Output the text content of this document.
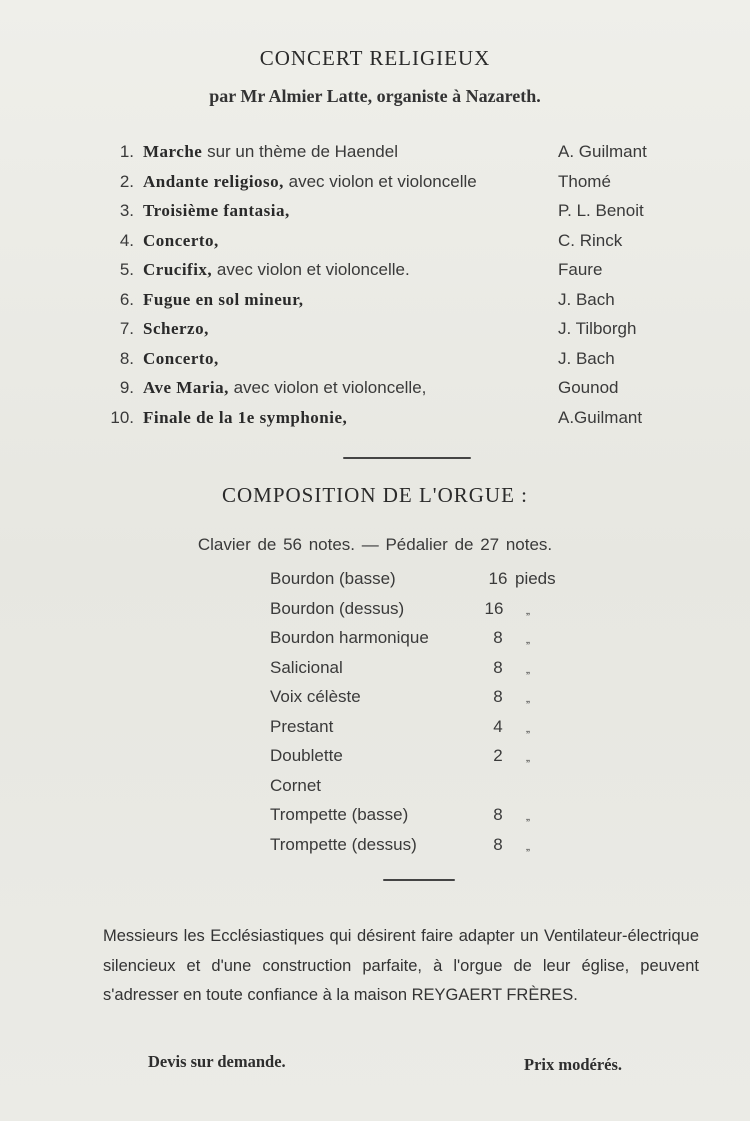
CONCERT RELIGIEUX
par Mr Almier Latte, organiste à Nazareth.
1. Marche sur un thème de Haendel	A. Guilmant
2. Andante religioso, avec violon et violoncelle	Thomé
3. Troisième fantasia,	P. L. Benoit
4. Concerto,	C. Rinck
5. Crucifix, avec violon et violoncelle.	Faure
6. Fugue en sol mineur,	J. Bach
7. Scherzo,	J. Tilborgh
8. Concerto,	J. Bach
9. Ave Maria, avec violon et violoncelle,	Gounod
10. Finale de la 1e symphonie,	A.Guilmant
COMPOSITION DE L'ORGUE :
Clavier de 56 notes. — Pédalier de 27 notes.
Bourdon (basse)	16 pieds
Bourdon (dessus)	16 „
Bourdon harmonique	8	„
Salicional	8	„
Voix célèste	8	„
Prestant	4	„
Doublette	2	„
Cornet
Trompette (basse)	8	„
Trompette (dessus)	8	„
Messieurs les Ecclésiastiques qui désirent faire adapter un Ventilateur-électrique silencieux et d'une construction parfaite, à l'orgue de leur église, peuvent s'adresser en toute confiance à la maison REYGAERT FRÈRES.
Devis sur demande.	Prix modérés.
